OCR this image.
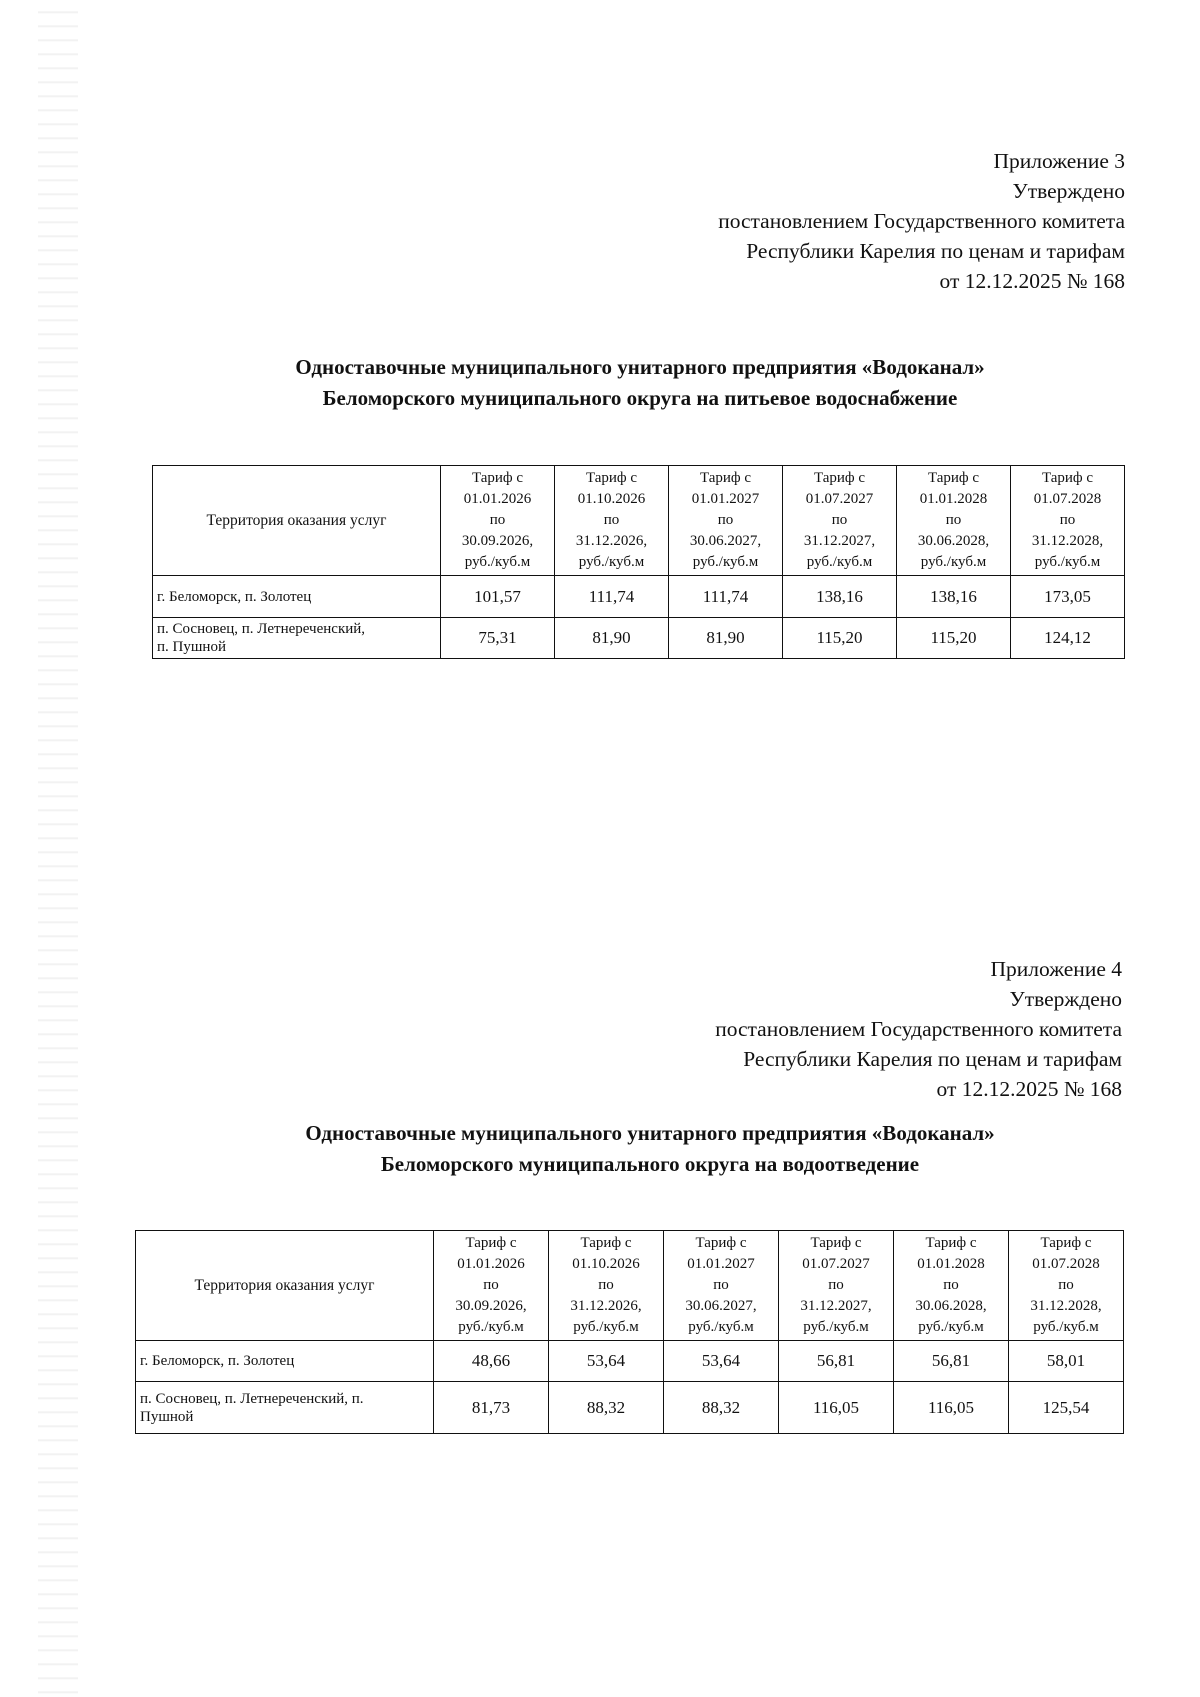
Приложение 3
Утверждено
постановлением Государственного комитета
Республики Карелия по ценам и тарифам
от 12.12.2025 № 168
Одноставочные муниципального унитарного предприятия «Водоканал»
Беломорского муниципального округа на питьевое водоснабжение
Территория оказания услуг	Тариф с
01.01.2026
по
30.09.2026,
руб./куб.м	Тариф с
01.10.2026
по
31.12.2026,
руб./куб.м	Тариф с
01.01.2027
по
30.06.2027,
руб./куб.м	Тариф с
01.07.2027
по
31.12.2027,
руб./куб.м	Тариф с
01.01.2028
по
30.06.2028,
руб./куб.м	Тариф с
01.07.2028
по
31.12.2028,
руб./куб.м

г. Беломорск, п. Золотец	101,57	111,74	111,74	138,16	138,16	173,05

п. Сосновец, п. Летнереченский,
п. Пушной	75,31	81,90	81,90	115,20	115,20	124,12
Приложение 4
Утверждено
постановлением Государственного комитета
Республики Карелия по ценам и тарифам
от 12.12.2025 № 168
Одноставочные муниципального унитарного предприятия «Водоканал»
Беломорского муниципального округа на водоотведение
Территория оказания услуг	Тариф с
01.01.2026
по
30.09.2026,
руб./куб.м	Тариф с
01.10.2026
по
31.12.2026,
руб./куб.м	Тариф с
01.01.2027
по
30.06.2027,
руб./куб.м	Тариф с
01.07.2027
по
31.12.2027,
руб./куб.м	Тариф с
01.01.2028
по
30.06.2028,
руб./куб.м	Тариф с
01.07.2028
по
31.12.2028,
руб./куб.м

г. Беломорск, п. Золотец	48,66	53,64	53,64	56,81	56,81	58,01

п. Сосновец, п. Летнереченский, п.
Пушной	81,73	88,32	88,32	116,05	116,05	125,54
